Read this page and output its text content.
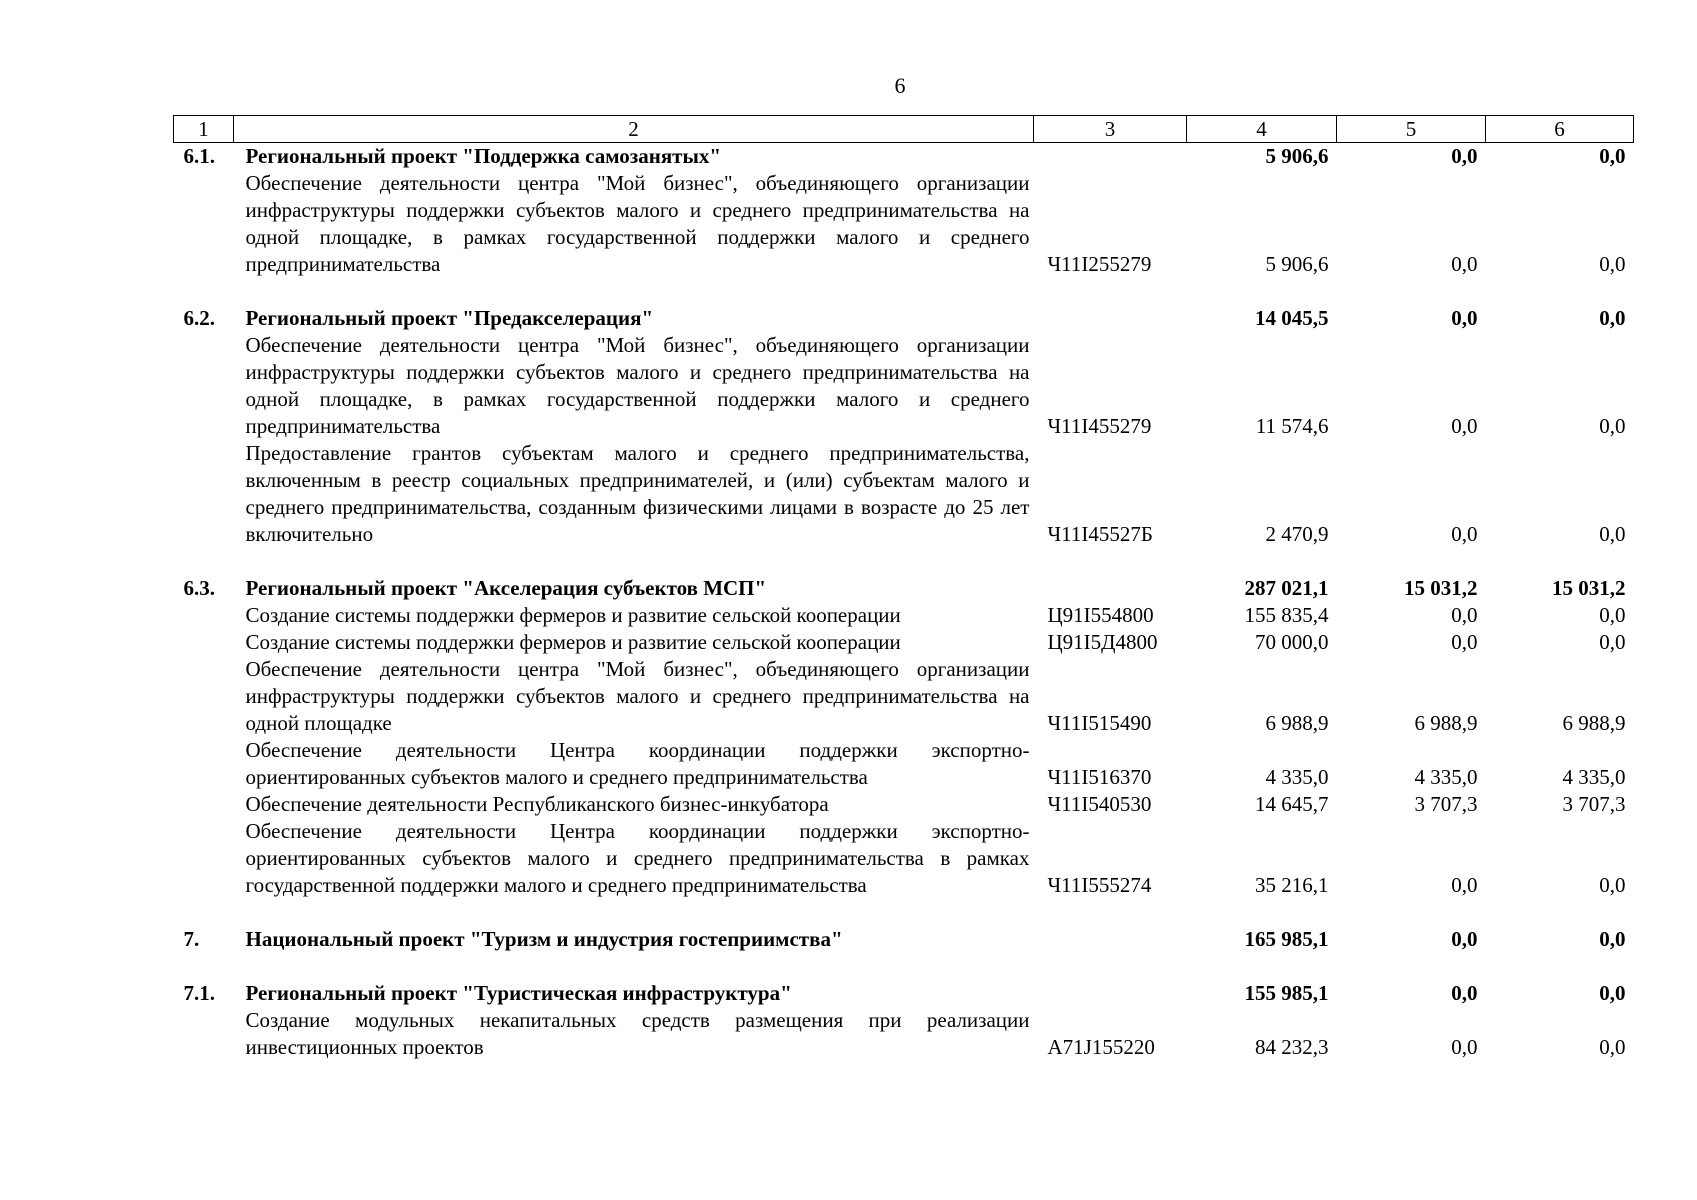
6
1	2	3	4	5	6
6.1.	Региональный проект "Поддержка самозанятых"		5 906,6	0,0	0,0
	Обеспечение деятельности центра "Мой бизнес", объединяющего организации инфраструктуры поддержки субъектов малого и среднего предпринимательства на одной площадке, в рамках государственной поддержки малого и среднего предпринимательства	Ч11I255279	5 906,6	0,0	0,0

6.2.	Региональный проект "Предакселерация"		14 045,5	0,0	0,0
	Обеспечение деятельности центра "Мой бизнес", объединяющего организации инфраструктуры поддержки субъектов малого и среднего предпринимательства на одной площадке, в рамках государственной поддержки малого и среднего предпринимательства	Ч11I455279	11 574,6	0,0	0,0
	Предоставление грантов субъектам малого и среднего предпринимательства, включенным в реестр социальных предпринимателей, и (или) субъектам малого и среднего предпринимательства, созданным физическими лицами в возрасте до 25 лет включительно	Ч11I45527Б	2 470,9	0,0	0,0

6.3.	Региональный проект "Акселерация субъектов МСП"		287 021,1	15 031,2	15 031,2
	Создание системы поддержки фермеров и развитие сельской кооперации	Ц91I554800	155 835,4	0,0	0,0
	Создание системы поддержки фермеров и развитие сельской кооперации	Ц91I5Д4800	70 000,0	0,0	0,0
	Обеспечение деятельности центра "Мой бизнес", объединяющего организации инфраструктуры поддержки субъектов малого и среднего предпринимательства на одной площадке	Ч11I515490	6 988,9	6 988,9	6 988,9
	Обеспечение деятельности Центра координации поддержки экспортно-ориентированных субъектов малого и среднего предпринимательства	Ч11I516370	4 335,0	4 335,0	4 335,0
	Обеспечение деятельности Республиканского бизнес-инкубатора	Ч11I540530	14 645,7	3 707,3	3 707,3
	Обеспечение деятельности Центра координации поддержки экспортно-ориентированных субъектов малого и среднего предпринимательства в рамках государственной поддержки малого и среднего предпринимательства	Ч11I555274	35 216,1	0,0	0,0

7.	Национальный проект "Туризм и индустрия гостеприимства"		165 985,1	0,0	0,0

7.1.	Региональный проект "Туристическая инфраструктура"		155 985,1	0,0	0,0
	Создание модульных некапитальных средств размещения при реализации инвестиционных проектов	А71J155220	84 232,3	0,0	0,0
